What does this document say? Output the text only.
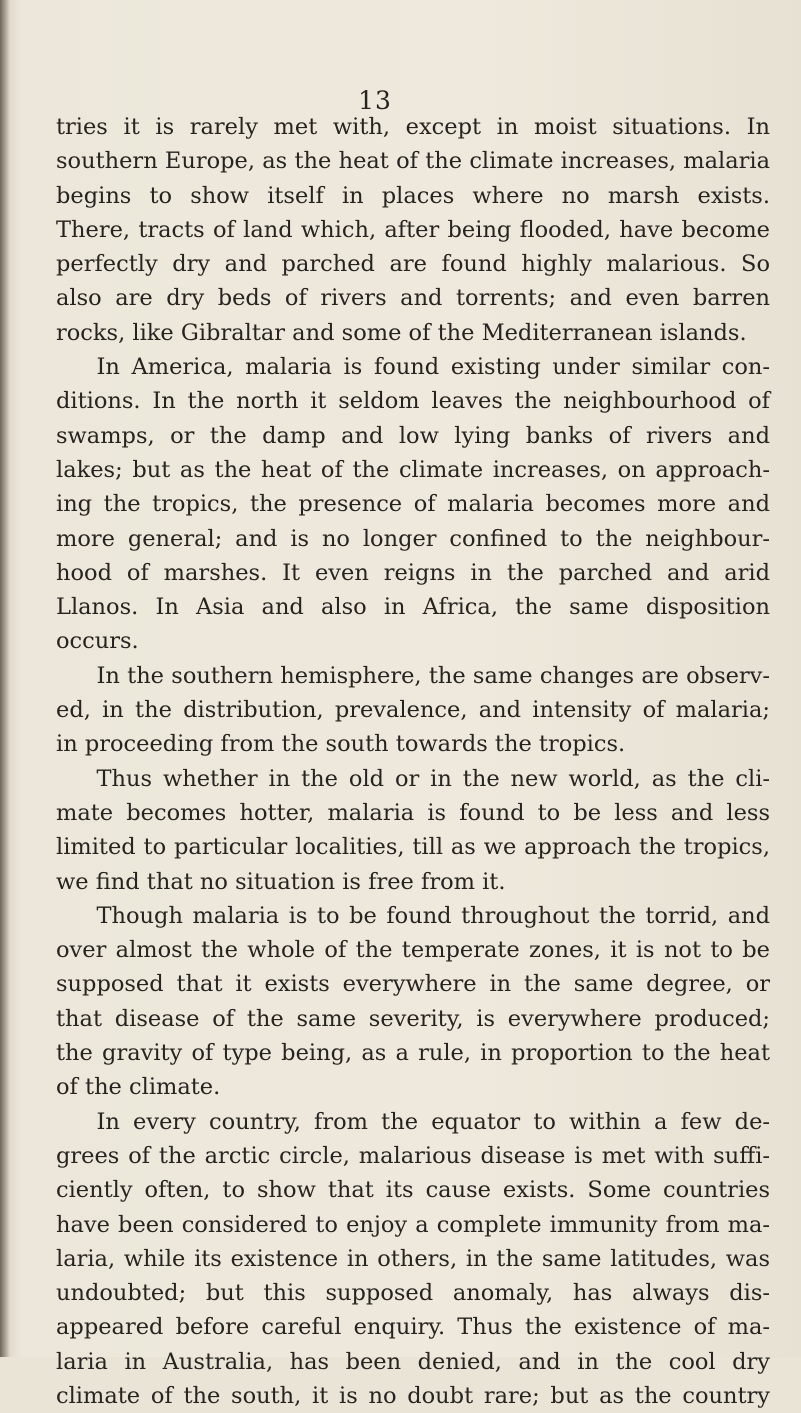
13
tries it is rarely met with, except in moist situations. In
southern Europe, as the heat of the climate increases, malaria
begins to show itself in places where no marsh exists.
There, tracts of land which, after being flooded, have become
perfectly dry and parched are found highly malarious. So
also are dry beds of rivers and torrents; and even barren
rocks, like Gibraltar and some of the Mediterranean islands.
In America, malaria is found existing under similar con-
ditions. In the north it seldom leaves the neighbourhood of
swamps, or the damp and low lying banks of rivers and
lakes; but as the heat of the climate increases, on approach-
ing the tropics, the presence of malaria becomes more and
more general; and is no longer confined to the neighbour-
hood of marshes. It even reigns in the parched and arid
Llanos. In Asia and also in Africa, the same disposition
occurs.
In the southern hemisphere, the same changes are observ-
ed, in the distribution, prevalence, and intensity of malaria;
in proceeding from the south towards the tropics.
Thus whether in the old or in the new world, as the cli-
mate becomes hotter, malaria is found to be less and less
limited to particular localities, till as we approach the tropics,
we find that no situation is free from it.
Though malaria is to be found throughout the torrid, and
over almost the whole of the temperate zones, it is not to be
supposed that it exists everywhere in the same degree, or
that disease of the same severity, is everywhere produced;
the gravity of type being, as a rule, in proportion to the heat
of the climate.
In every country, from the equator to within a few de-
grees of the arctic circle, malarious disease is met with suffi-
ciently often, to show that its cause exists. Some countries
have been considered to enjoy a complete immunity from ma-
laria, while its existence in others, in the same latitudes, was
undoubted; but this supposed anomaly, has always dis-
appeared before careful enquiry. Thus the existence of ma-
laria in Australia, has been denied, and in the cool dry
climate of the south, it is no doubt rare; but as the country
